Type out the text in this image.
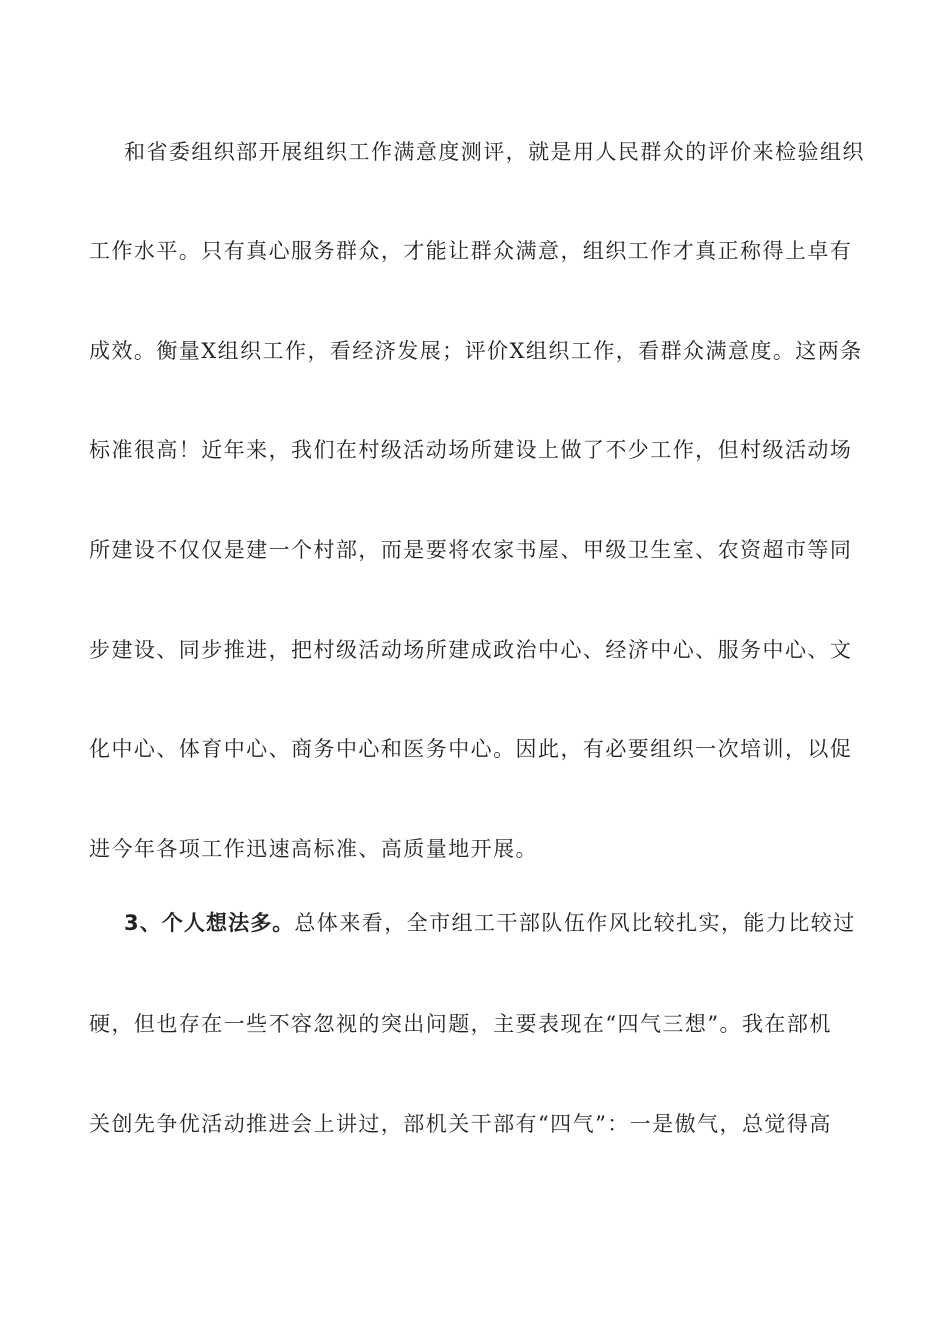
和省委组织部开展组织工作满意度测评，就是用人民群众的评价来检验组织
工作水平。只有真心服务群众，才能让群众满意，组织工作才真正称得上卓有
成效。衡量X组织工作，看经济发展；评价X组织工作，看群众满意度。这两条
标准很高！近年来，我们在村级活动场所建设上做了不少工作，但村级活动场
所建设不仅仅是建一个村部，而是要将农家书屋、甲级卫生室、农资超市等同
步建设、同步推进，把村级活动场所建成政治中心、经济中心、服务中心、文
化中心、体育中心、商务中心和医务中心。因此，有必要组织一次培训，以促
进今年各项工作迅速高标准、高质量地开展。
3、个人想法多。总体来看，全市组工干部队伍作风比较扎实，能力比较过
硬，但也存在一些不容忽视的突出问题，主要表现在“四气三想”。我在部机
关创先争优活动推进会上讲过，部机关干部有“四气”：一是傲气，总觉得高
